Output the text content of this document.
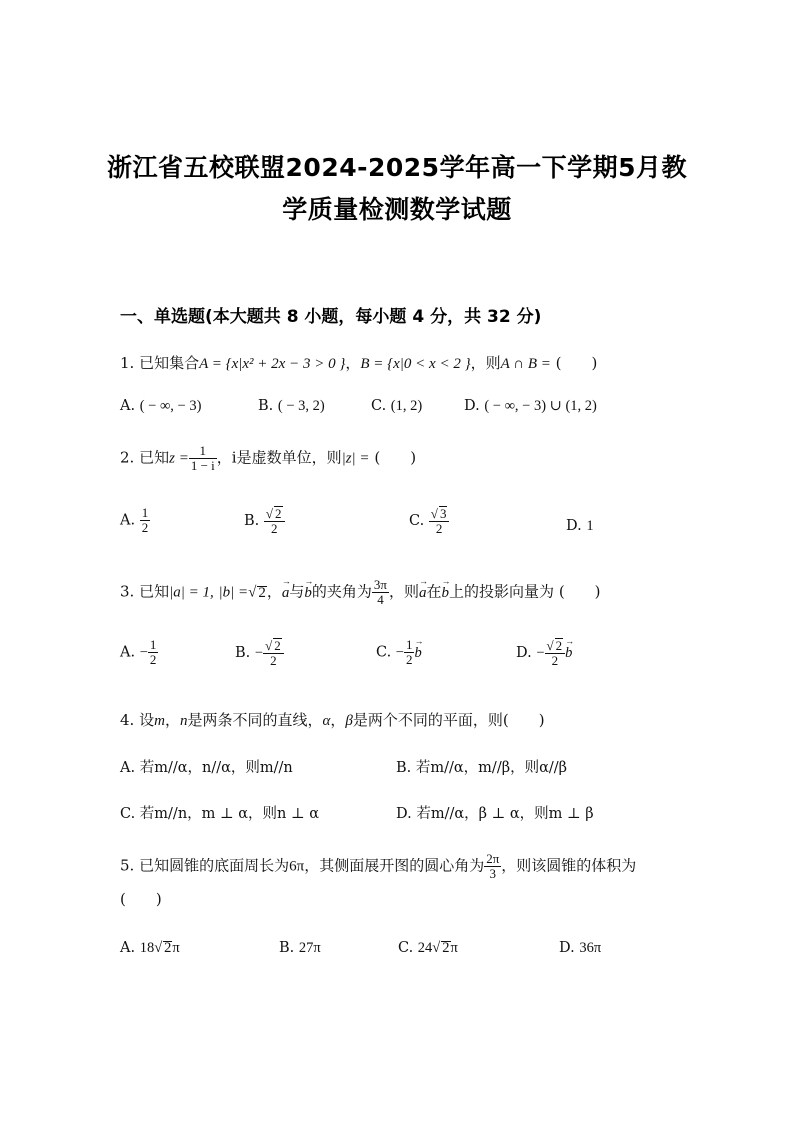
浙江省五校联盟2024-2025学年高一下学期5月教
学质量检测数学试题
一、单选题(本大题共 8 小题，每小题 4 分，共 32 分)
1. 已知集合A = {x|x² + 2x − 3 > 0 }，B = {x|0 < x < 2 }，则A ∩ B = (　　)
A. ( − ∞, − 3)	B. ( − 3, 2)	C. (1, 2)	D. ( − ∞, − 3) ∪ (1, 2)
2. 已知$z = \frac{1}{1 - i}$ ，i是虚数单位，则|z| = (　　)
A. $\frac{1}{2}$	B. $\frac{√ 2}{2}$	C. $\frac{√ 3}{2}$	D. 1
3. 已知|a| = 1, |b| =√ 2，→ a与→ b的夹角为 $\frac{3\pi}{4}$ ，则→ a在→ b上的投影向量为 (　　)
A. − $\frac{1}{2}$	B. − $\frac{√ 2}{2}$	C. − $\frac{1}{2}$
→ b	D. − $\frac{√ 2}{2}$
→ b
4. 设m，n是两条不同的直线，α，β是两个不同的平面，则(　　)
A. 若m//α，n//α，则m//n	B. 若m//α，m//β，则α//β
C. 若m//n，m ⊥ α，则n ⊥ α	D. 若m//α，β ⊥ α，则m ⊥ β
5. 已知圆锥的底面周长为6π，其侧面展开图的圆心角为 $\frac{2\pi}{3}$ ，则该圆锥的体积为
(　　)
A. 18√ 2π	B. 27π	C. 24√ 2π	D. 36π
